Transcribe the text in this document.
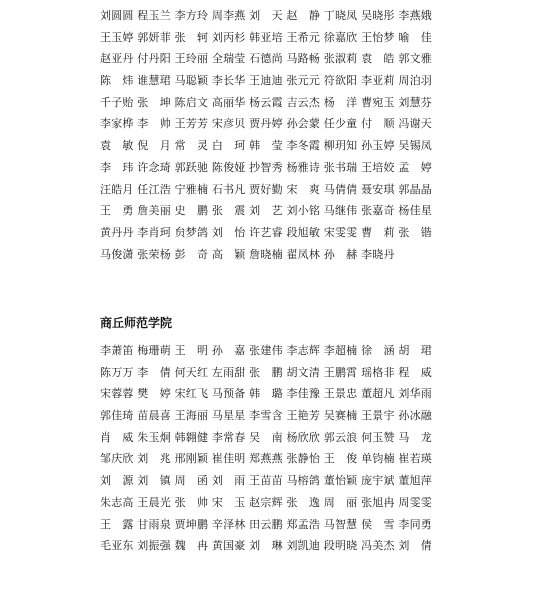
刘圆圆 程玉兰 李方玲 周李燕 刘　天 赵　静 丁晓凤 吴晓彤 李燕娥
王玉婷 郭妍菲 张　轲 刘丙杉 韩亚培 王希元 徐嘉欣 王怡梦 喻　佳
赵亚丹 付丹阳 王玲丽 全瑞莹 石德尚 马路畅 张淑莉 袁　皓 郭文雅
陈　炜 谁慧珺 马聪颖 李长华 王迪迪 张元元 符欲阳 李亚莉 周泊羽
千子贻 张　坤 陈启文 高丽华 杨云霞 吉云杰 杨　洋 曹宛玉 刘慧芬
李家桦 李　帅 王芳芳 宋彦贝 贾丹婷 孙会蒙 任少童 付　顺 冯谢天
袁　敏 倪　月 常　灵 白　珂 韩　莹 李冬霞 柳玥知 孙玉婷 吴锡凤
李　玮 许念琦 郭跃驰 陈俊娅 抄智秀 杨雅诗 张书瑞 王培姣 孟　婷
汪皓月 任江浩 宁雅楠 石书凡 贾好勤 宋　爽 马倩倩 聂安琪 郭晶晶
王　勇 詹美丽 史　鹏 张　震 刘　艺 刘小铭 马继伟 张嘉奇 杨佳星
黄丹丹 李肖珂 贠梦鸽 刘　怡 许艺睿 段旭敏 宋雯雯 曹　莉 张　锴
马俊潇 张荣杨 彭　奇 高　颖 詹晓楠 翟凤林 孙　赫 李晓丹
商丘师范学院
李萧笛 梅珊萌 王　明 孙　嘉 张建伟 李志辉 李超楠 徐　涵 胡　珺
陈万万 李　倩 何天红 左雨甜 张　鹏 胡文清 王鹏霄 瑶格非 程　威
宋蓉蓉 樊　婷 宋红飞 马预备 韩　璐 李佳豫 王景忠 董超凡 刘华雨
郭佳琦 苗晨喜 王海丽 马星星 李雪含 王艳芳 吴赛楠 王景宇 孙冰融
肖　威 朱玉炯 韩翱健 李常春 吴　南 杨欣欣 郭云浪 何玉赞 马　龙
邹庆欣 刘　兆 邢刚颖 崔佳明 郑燕燕 张静怡 王　俊 单钧楠 崔若瑛
刘　源 刘　镇 周　函 刘　雨 王苗苗 马榕鸽 董怡颖 庞宇斌 董旭萍
朱志高 王晨光 张　帅 宋　玉 赵宗辉 张　逸 周　丽 张旭冉 周雯雯
王　露 甘雨泉 贾坤鹏 辛泽林 田云鹏 郑孟浩 马智慧 侯　雪 李同勇
毛亚东 刘振强 魏　冉 黄国豪 刘　琳 刘凯迪 段明晓 冯美杰 刘　倩
